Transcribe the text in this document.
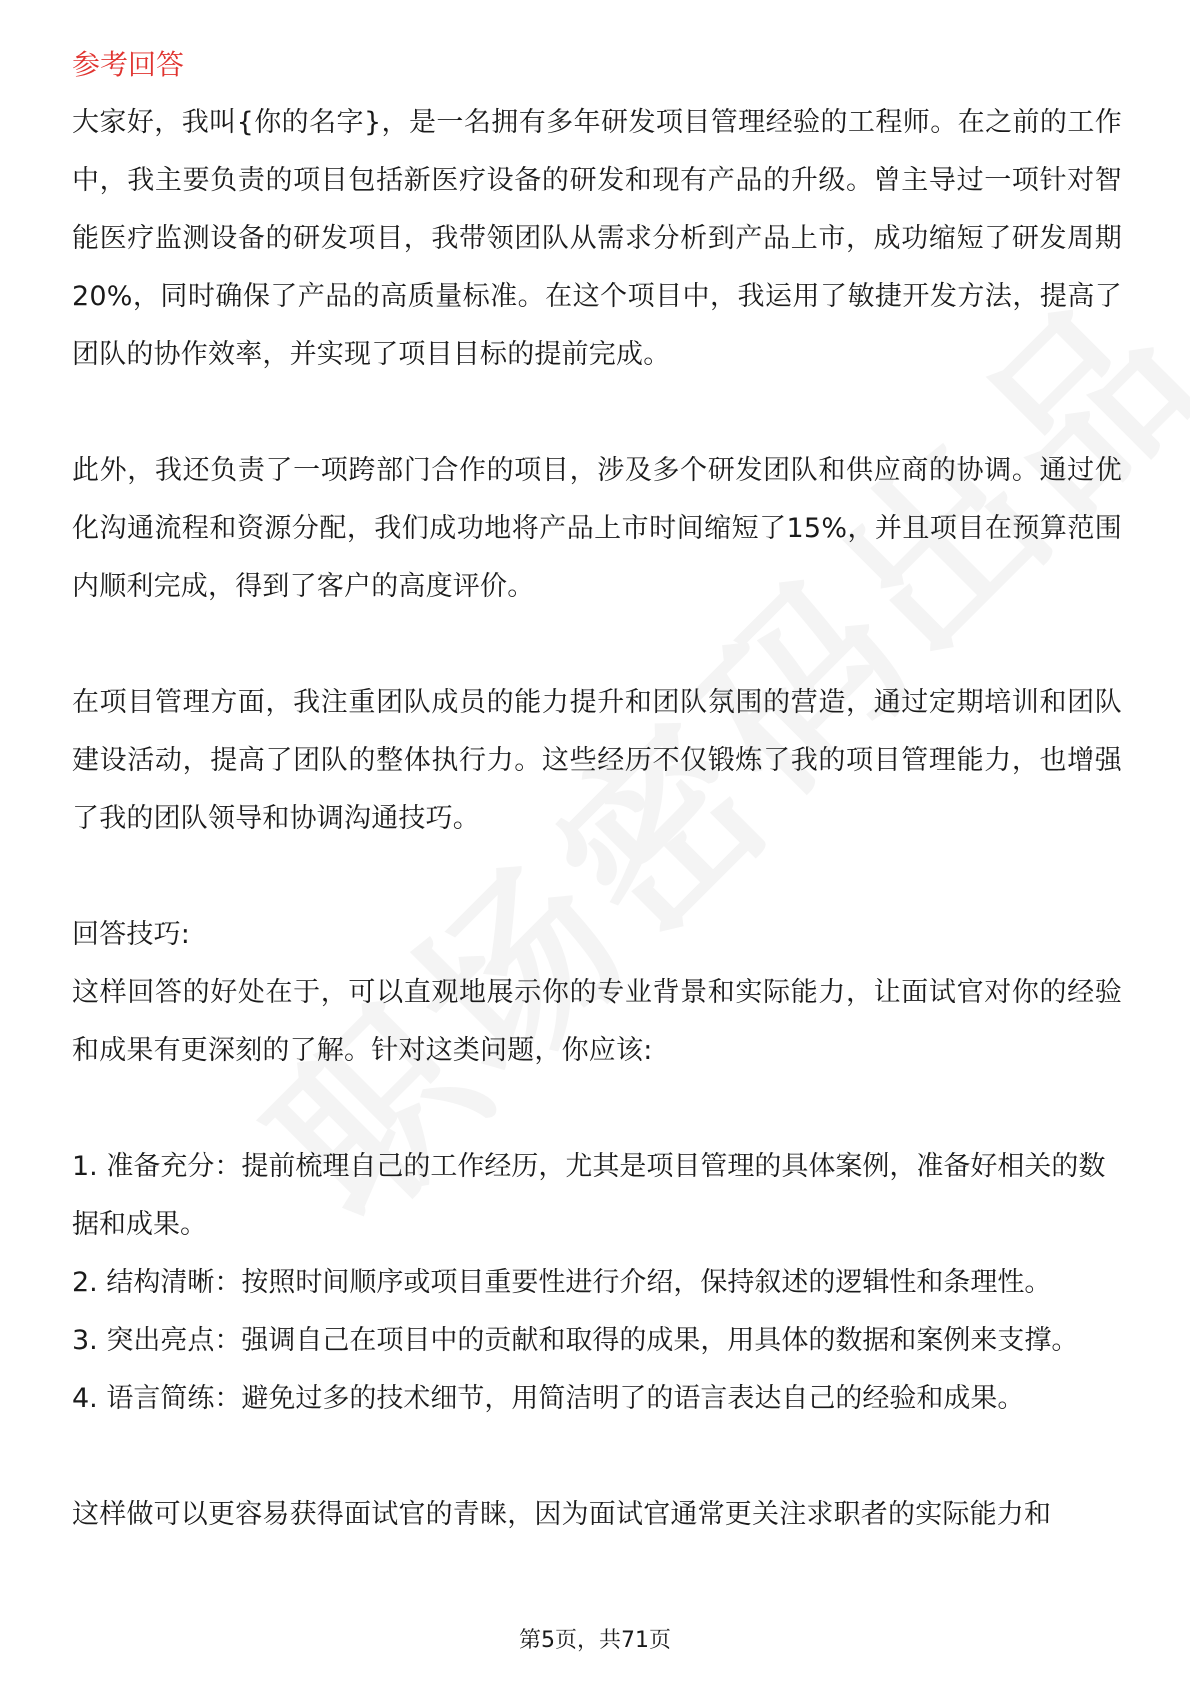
参考回答

大家好，我叫{你的名字}，是一名拥有多年研发项目管理经验的工程师。在之前的工作中，我主要负责的项目包括新医疗设备的研发和现有产品的升级。曾主导过一项针对智能医疗监测设备的研发项目，我带领团队从需求分析到产品上市，成功缩短了研发周期20%，同时确保了产品的高质量标准。在这个项目中，我运用了敏捷开发方法，提高了团队的协作效率，并实现了项目目标的提前完成。

此外，我还负责了一项跨部门合作的项目，涉及多个研发团队和供应商的协调。通过优化沟通流程和资源分配，我们成功地将产品上市时间缩短了15%，并且项目在预算范围内顺利完成，得到了客户的高度评价。

在项目管理方面，我注重团队成员的能力提升和团队氛围的营造，通过定期培训和团队建设活动，提高了团队的整体执行力。这些经历不仅锻炼了我的项目管理能力，也增强了我的团队领导和协调沟通技巧。

回答技巧:

这样回答的好处在于，可以直观地展示你的专业背景和实际能力，让面试官对你的经验和成果有更深刻的了解。针对这类问题，你应该:

1. 准备充分：提前梳理自己的工作经历，尤其是项目管理的具体案例，准备好相关的数据和成果。

2. 结构清晰：按照时间顺序或项目重要性进行介绍，保持叙述的逻辑性和条理性。

3. 突出亮点：强调自己在项目中的贡献和取得的成果，用具体的数据和案例来支撑。

4. 语言简练：避免过多的技术细节，用简洁明了的语言表达自己的经验和成果。

这样做可以更容易获得面试官的青睐，因为面试官通常更关注求职者的实际能力和

第5页，共71页
